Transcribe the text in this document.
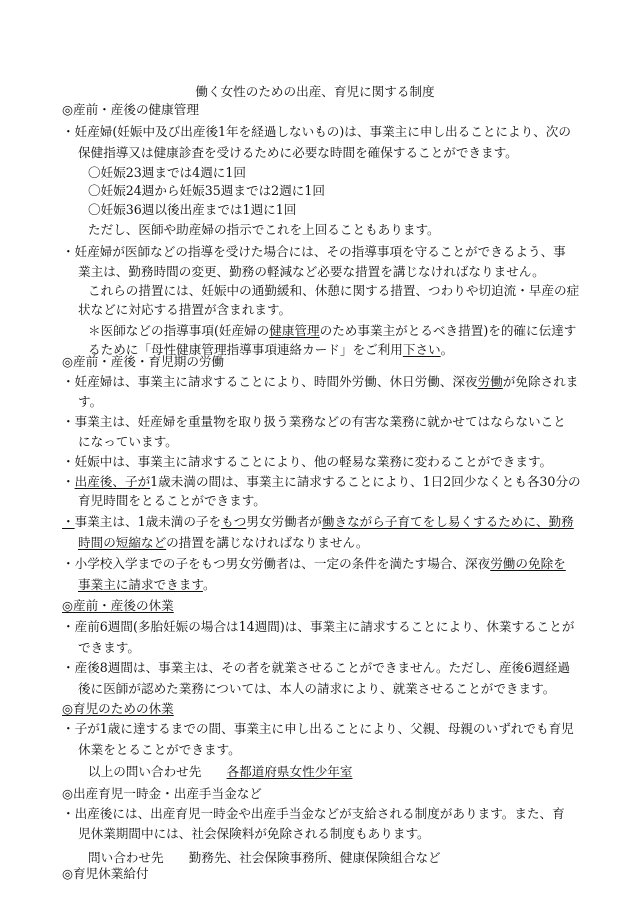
働く女性のための出産、育児に関する制度
◎産前・産後の健康管理
・妊産婦(妊娠中及び出産後1年を経過しないもの)は、事業主に申し出ることにより、次の
保健指導又は健康診査を受けるために必要な時間を確保することができます。
〇妊娠23週までは4週に1回
〇妊娠24週から妊娠35週までは2週に1回
〇妊娠36週以後出産までは1週に1回
ただし、医師や助産婦の指示でこれを上回ることもあります。
・妊産婦が医師などの指導を受けた場合には、その指導事項を守ることができるよう、事
業主は、勤務時間の変更、勤務の軽減など必要な措置を講じなければなりません。
これらの措置には、妊娠中の通勤緩和、休憩に関する措置、つわりや切迫流・早産の症
状などに対応する措置が含まれます。
＊医師などの指導事項(妊産婦の健康管理のため事業主がとるべき措置)を的確に伝達す
るために「母性健康管理指導事項連絡カード」をご利用下さい。
◎産前・産後・育児期の労働
・妊産婦は、事業主に請求することにより、時間外労働、休日労働、深夜労働が免除されま
す。
・事業主は、妊産婦を重量物を取り扱う業務などの有害な業務に就かせてはならないこと
になっています。
・妊娠中は、事業主に請求することにより、他の軽易な業務に変わることができます。
・出産後、子が1歳未満の間は、事業主に請求することにより、1日2回少なくとも各30分の
育児時間をとることができます。
・事業主は、1歳未満の子をもつ男女労働者が働きながら子育てをし易くするために、勤務
時間の短縮などの措置を講じなければなりません。
・小学校入学までの子をもつ男女労働者は、一定の条件を満たす場合、深夜労働の免除を
事業主に請求できます。
◎産前・産後の休業
・産前6週間(多胎妊娠の場合は14週間)は、事業主に請求することにより、休業することが
できます。
・産後8週間は、事業主は、その者を就業させることができません。ただし、産後6週経過
後に医師が認めた業務については、本人の請求により、就業させることができます。
◎育児のための休業
・子が1歳に達するまでの間、事業主に申し出ることにより、父親、母親のいずれでも育児
休業をとることができます。
以上の問い合わせ先　　各都道府県女性少年室
◎出産育児一時金・出産手当金など
・出産後には、出産育児一時金や出産手当金などが支給される制度があります。また、育
児休業期間中には、社会保険料が免除される制度もあります。
問い合わせ先　　勤務先、社会保険事務所、健康保険組合など
◎育児休業給付
